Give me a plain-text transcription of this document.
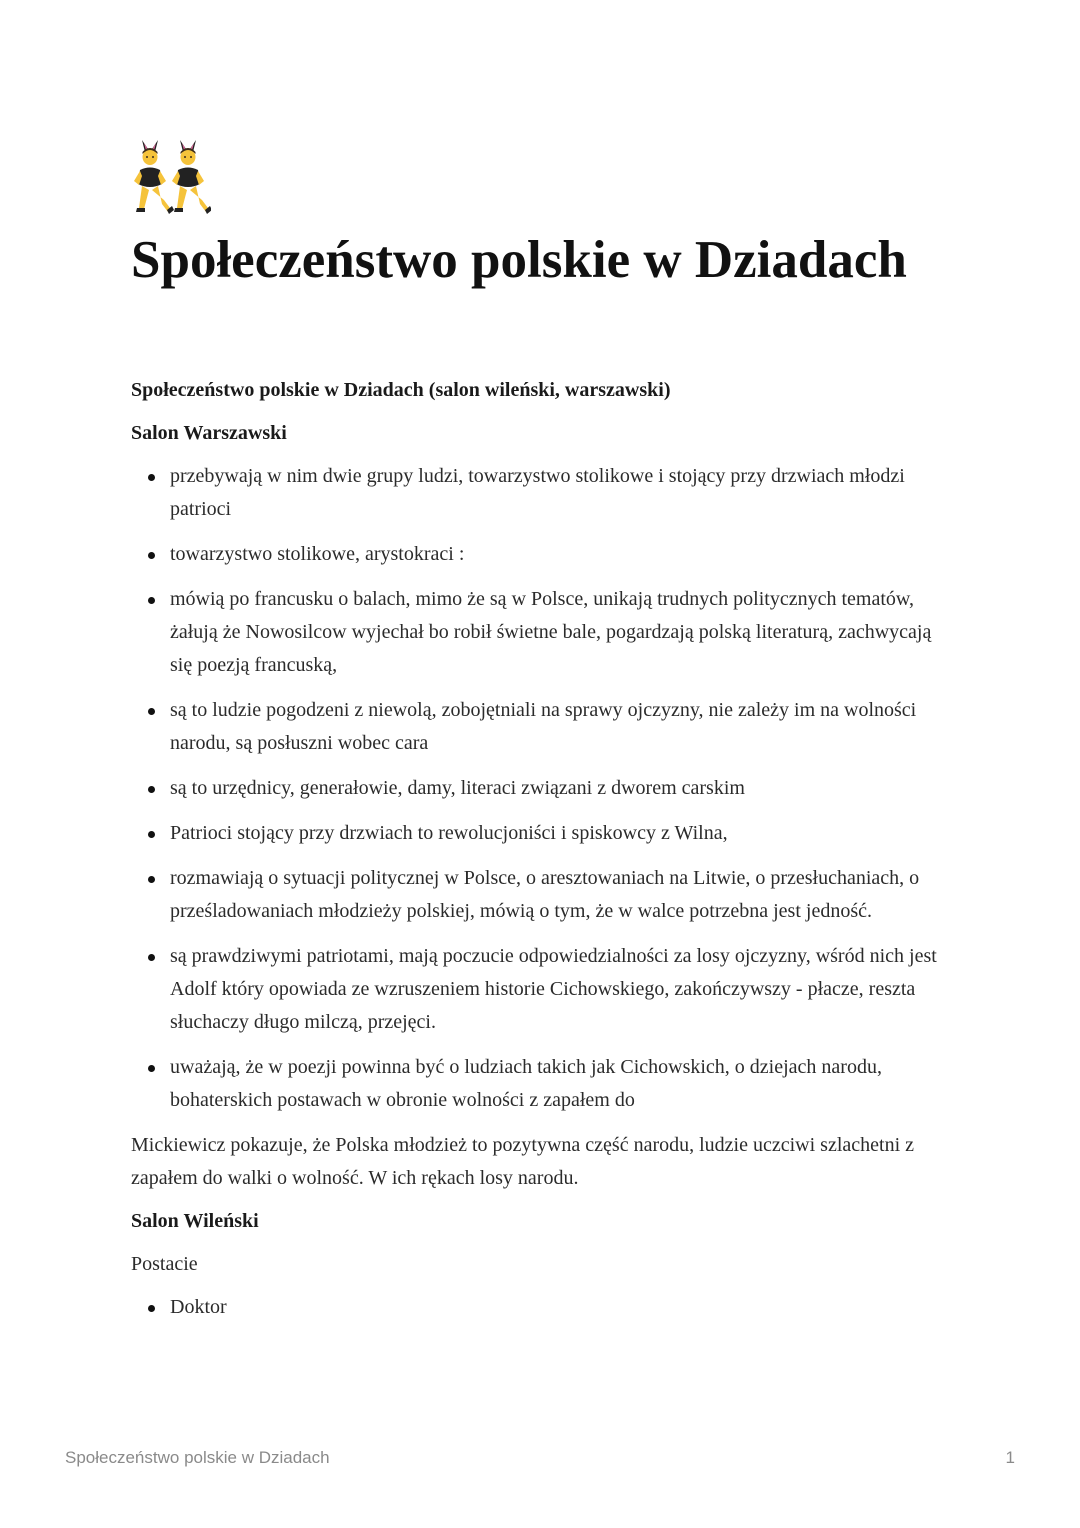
Społeczeństwo polskie w Dziadach

Społeczeństwo polskie w Dziadach (salon wileński, warszawski)

Salon Warszawski

przebywają w nim dwie grupy ludzi, towarzystwo stolikowe i stojący przy drzwiach młodzi patrioci
towarzystwo stolikowe, arystokraci :
mówią po francusku o balach, mimo że są w Polsce, unikają trudnych politycznych tematów, żałują że Nowosilcow wyjechał bo robił świetne bale, pogardzają polską literaturą, zachwycają się poezją francuską,
są to ludzie pogodzeni z niewolą, zobojętniali na sprawy ojczyzny, nie zależy im na wolności narodu, są posłuszni wobec cara
są to urzędnicy, generałowie, damy, literaci związani z dworem carskim
Patrioci stojący przy drzwiach to rewolucjoniści i spiskowcy z Wilna,
rozmawiają o sytuacji politycznej w Polsce, o aresztowaniach na Litwie, o przesłuchaniach, o prześladowaniach młodzieży polskiej, mówią o tym, że w walce potrzebna jest jedność.
są prawdziwymi patriotami, mają poczucie odpowiedzialności za losy ojczyzny, wśród nich jest Adolf który opowiada ze wzruszeniem historie Cichowskiego, zakończywszy - płacze, reszta słuchaczy długo milczą, przejęci.
uważają, że w poezji powinna być o ludziach takich jak Cichowskich, o dziejach narodu, bohaterskich postawach w obronie wolności z zapałem do

Mickiewicz pokazuje, że Polska młodzież to pozytywna część narodu, ludzie uczciwi szlachetni z zapałem do walki o wolność. W ich rękach losy narodu.

Salon Wileński

Postacie

Doktor
Społeczeństwo polskie w Dziadach	1
